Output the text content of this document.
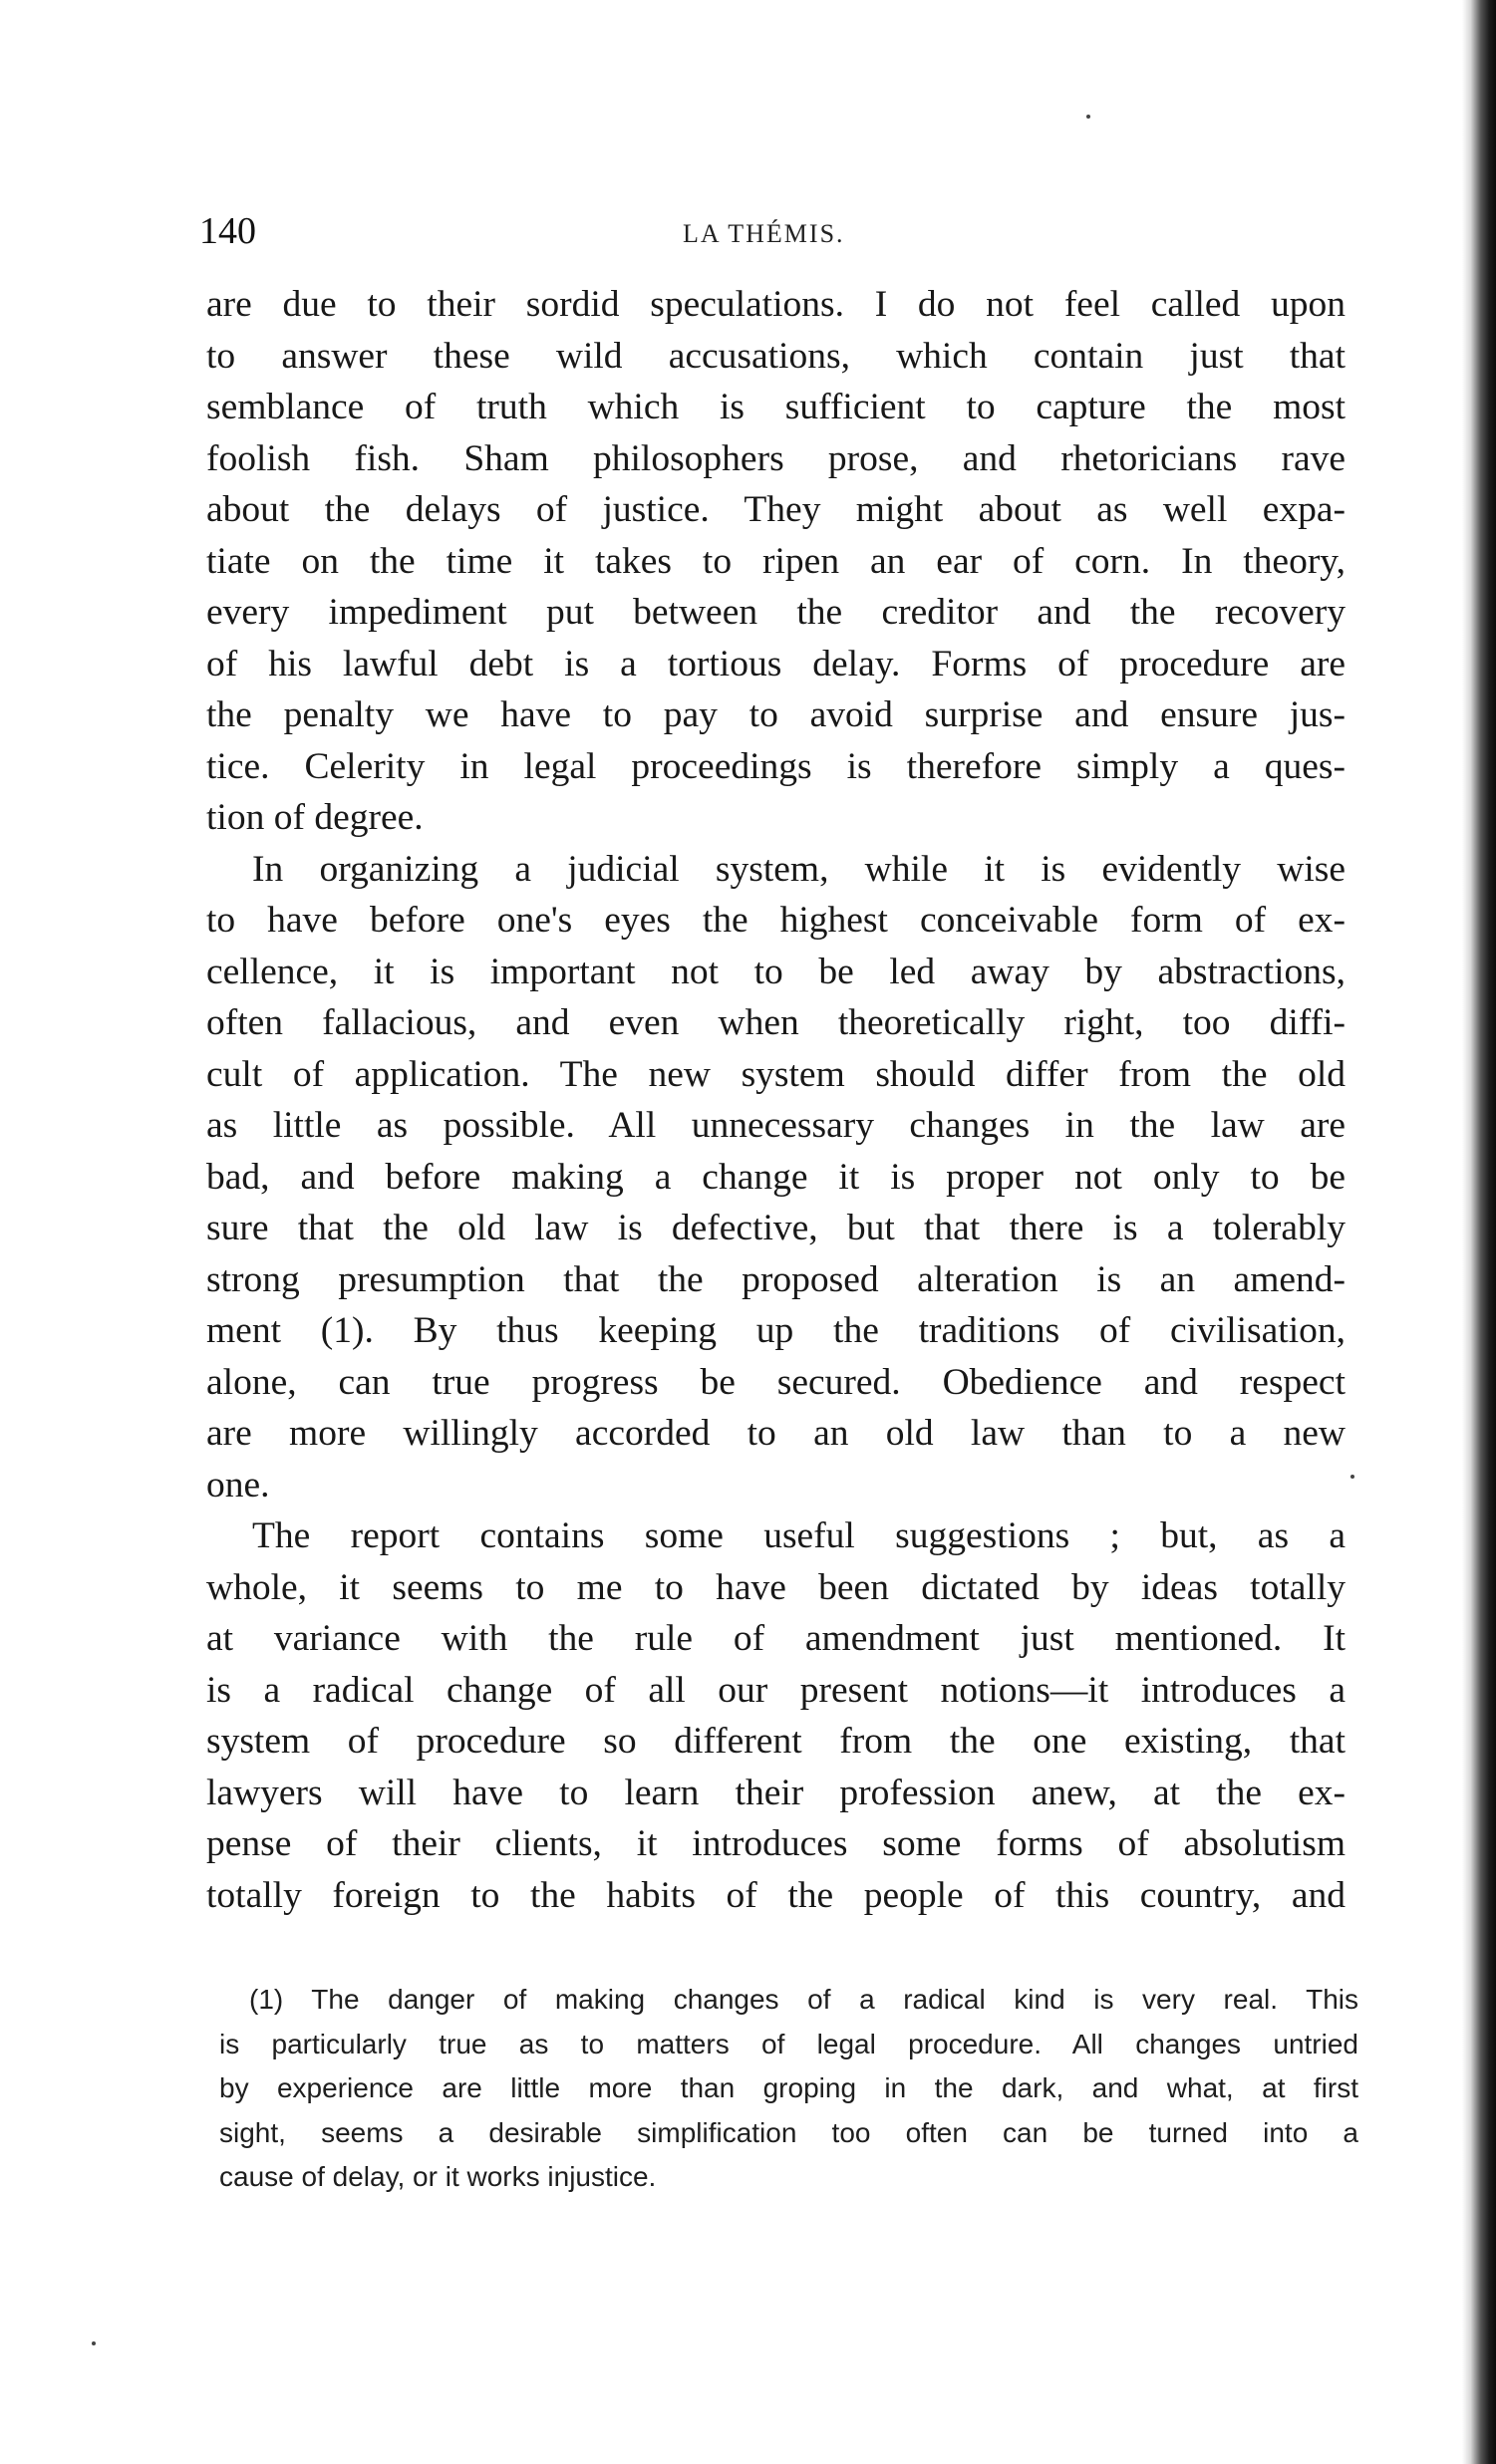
140	LA THÉMIS.
are due to their sordid speculations. I do not feel called upon
to answer these wild accusations, which contain just that
semblance of truth which is sufficient to capture the most
foolish fish. Sham philosophers prose, and rhetoricians rave
about the delays of justice. They might about as well expa-
tiate on the time it takes to ripen an ear of corn. In theory,
every impediment put between the creditor and the recovery
of his lawful debt is a tortious delay. Forms of procedure are
the penalty we have to pay to avoid surprise and ensure jus-
tice. Celerity in legal proceedings is therefore simply a ques-
tion of degree.
In organizing a judicial system, while it is evidently wise
to have before one's eyes the highest conceivable form of ex-
cellence, it is important not to be led away by abstractions,
often fallacious, and even when theoretically right, too diffi-
cult of application. The new system should differ from the old
as little as possible. All unnecessary changes in the law are
bad, and before making a change it is proper not only to be
sure that the old law is defective, but that there is a tolerably
strong presumption that the proposed alteration is an amend-
ment (1). By thus keeping up the traditions of civilisation,
alone, can true progress be secured. Obedience and respect
are more willingly accorded to an old law than to a new
one.
The report contains some useful suggestions ; but, as a
whole, it seems to me to have been dictated by ideas totally
at variance with the rule of amendment just mentioned. It
is a radical change of all our present notions—it introduces a
system of procedure so different from the one existing, that
lawyers will have to learn their profession anew, at the ex-
pense of their clients, it introduces some forms of absolutism
totally foreign to the habits of the people of this country, and
(1) The danger of making changes of a radical kind is very real. This
is particularly true as to matters of legal procedure. All changes untried
by experience are little more than groping in the dark, and what, at first
sight, seems a desirable simplification too often can be turned into a
cause of delay, or it works injustice.
